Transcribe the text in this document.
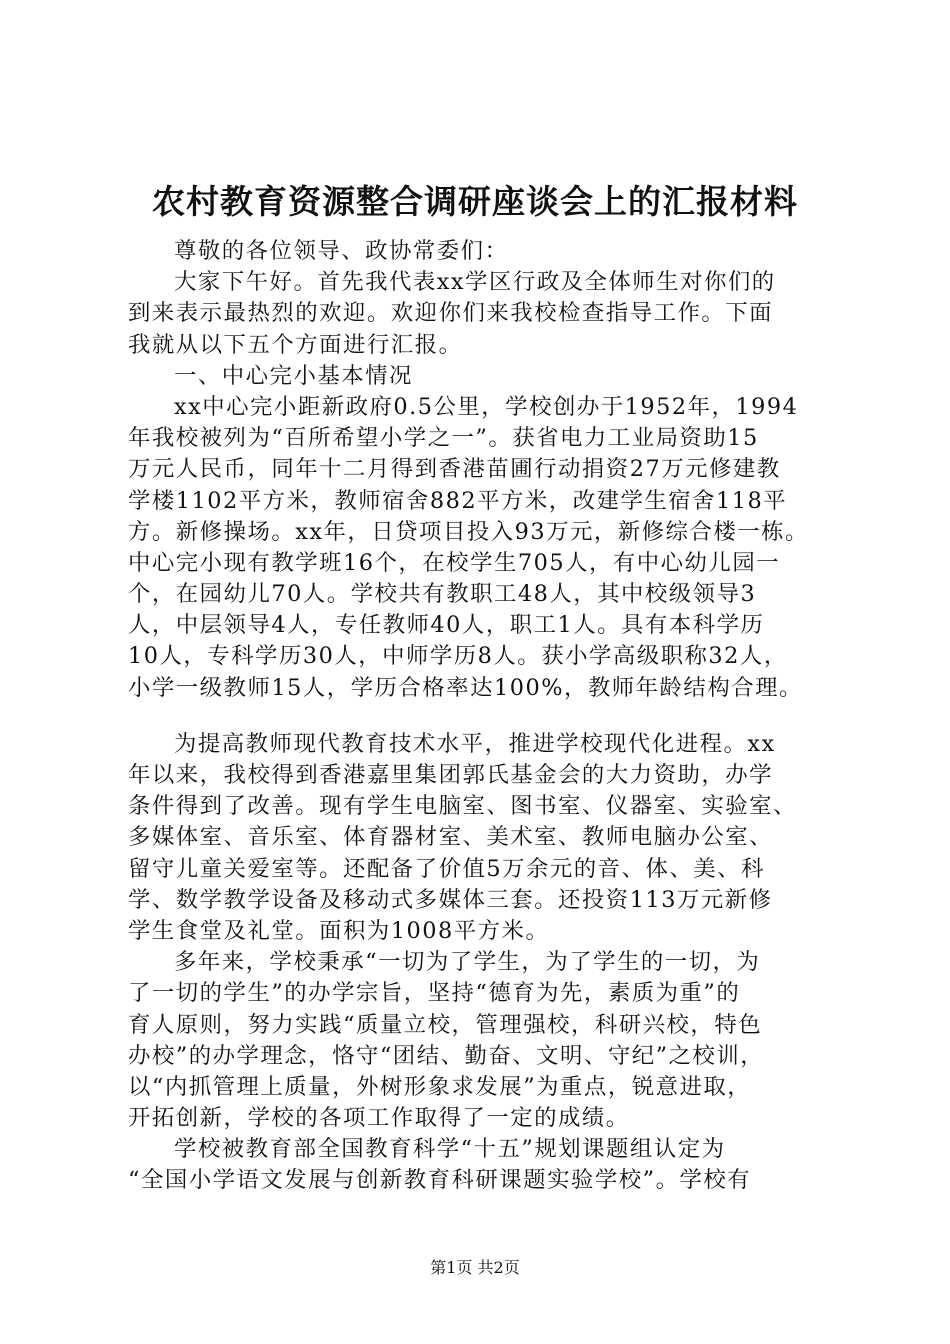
农村教育资源整合调研座谈会上的汇报材料
尊敬的各位领导、政协常委们：
大家下午好。首先我代表xx学区行政及全体师生对你们的
到来表示最热烈的欢迎。欢迎你们来我校检查指导工作。下面
我就从以下五个方面进行汇报。
一、中心完小基本情况
xx中心完小距新政府0.5公里，学校创办于1952年，1994
年我校被列为“百所希望小学之一”。获省电力工业局资助15
万元人民币，同年十二月得到香港苗圃行动捐资27万元修建教
学楼1102平方米，教师宿舍882平方米，改建学生宿舍118平
方。新修操场。xx年，日贷项目投入93万元，新修综合楼一栋。
中心完小现有教学班16个，在校学生705人，有中心幼儿园一
个，在园幼儿70人。学校共有教职工48人，其中校级领导3
人，中层领导4人，专任教师40人，职工1人。具有本科学历
10人，专科学历30人，中师学历8人。获小学高级职称32人，
小学一级教师15人，学历合格率达100%，教师年龄结构合理。
为提高教师现代教育技术水平，推进学校现代化进程。xx
年以来，我校得到香港嘉里集团郭氏基金会的大力资助，办学
条件得到了改善。现有学生电脑室、图书室、仪器室、实验室、
多媒体室、音乐室、体育器材室、美术室、教师电脑办公室、
留守儿童关爱室等。还配备了价值5万余元的音、体、美、科
学、数学教学设备及移动式多媒体三套。还投资113万元新修
学生食堂及礼堂。面积为1008平方米。
多年来，学校秉承“一切为了学生，为了学生的一切，为
了一切的学生”的办学宗旨，坚持“德育为先，素质为重”的
育人原则，努力实践“质量立校，管理强校，科研兴校，特色
办校”的办学理念，恪守“团结、勤奋、文明、守纪”之校训，
以“内抓管理上质量，外树形象求发展”为重点，锐意进取，
开拓创新，学校的各项工作取得了一定的成绩。
学校被教育部全国教育科学“十五”规划课题组认定为
“全国小学语文发展与创新教育科研课题实验学校”。学校有
第1页 共2页
